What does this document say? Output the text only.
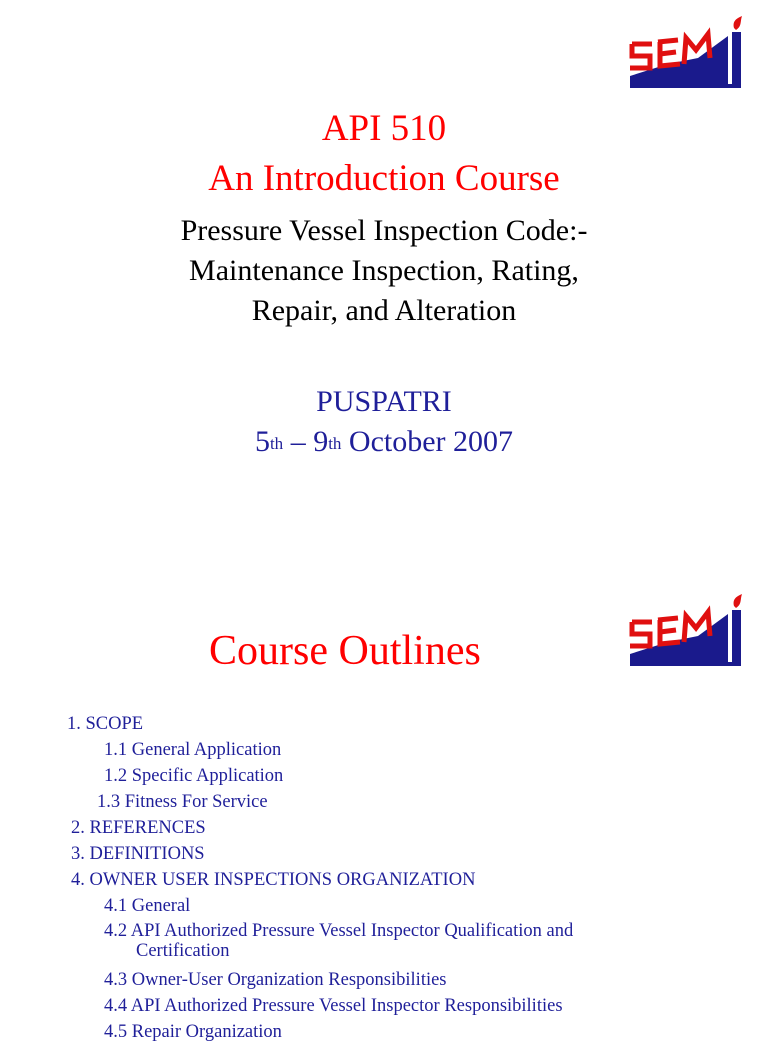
API 510
An Introduction Course
Pressure Vessel Inspection Code:-
Maintenance Inspection, Rating,
Repair, and Alteration
PUSPATRI
5th – 9th October 2007
Course Outlines
1. SCOPE
1.1 General Application
1.2 Specific Application
1.3 Fitness For Service
2. REFERENCES
3. DEFINITIONS
4. OWNER USER INSPECTIONS ORGANIZATION
4.1 General
4.2 API Authorized Pressure Vessel Inspector Qualification and Certification
4.3 Owner-User Organization Responsibilities
4.4 API Authorized Pressure Vessel Inspector Responsibilities
4.5 Repair Organization
